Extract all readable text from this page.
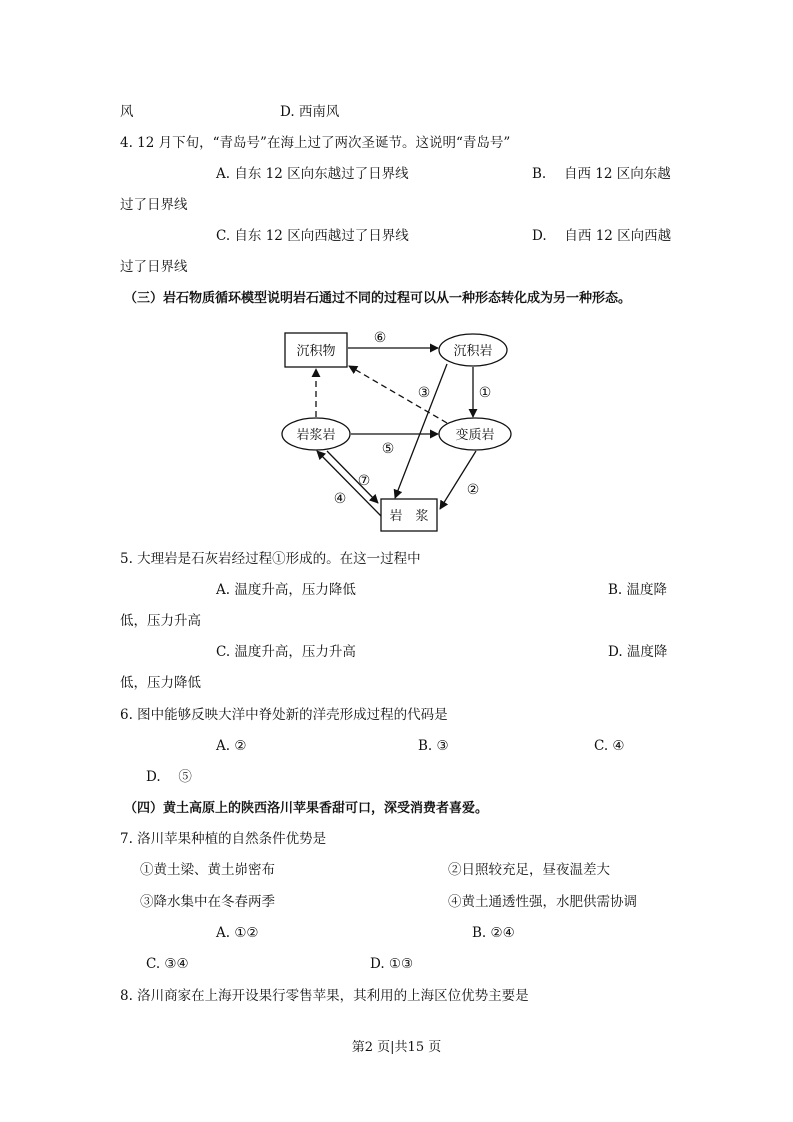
风	D. 西南风
4. 12 月下旬，“青岛号”在海上过了两次圣诞节。这说明“青岛号”
A. 自东 12 区向东越过了日界线	B.　 自西 12 区向东越
过了日界线
C. 自东 12 区向西越过了日界线	D.　 自西 12 区向西越
过了日界线
（三）岩石物质循环模型说明岩石通过不同的过程可以从一种形态转化成为另一种形态。
沉积物	沉积岩
岩浆岩	变质岩
岩　浆
⑥
①
③
⑤
⑦
④
②
5. 大理岩是石灰岩经过程①形成的。在这一过程中
A. 温度升高，压力降低	B. 温度降
低，压力升高
C. 温度升高，压力升高	D. 温度降
低，压力降低
6. 图中能够反映大洋中脊处新的洋壳形成过程的代码是
A. ②	B. ③	C. ④
D.　 ⑤
（四）黄土高原上的陕西洛川苹果香甜可口，深受消费者喜爱。
7. 洛川苹果种植的自然条件优势是
①黄土梁、黄土峁密布	②日照较充足，昼夜温差大
③降水集中在冬春两季	④黄土通透性强，水肥供需协调
A. ①②	B. ②④
C. ③④	D. ①③
8. 洛川商家在上海开设果行零售苹果，其利用的上海区位优势主要是
第2 页|共15 页
